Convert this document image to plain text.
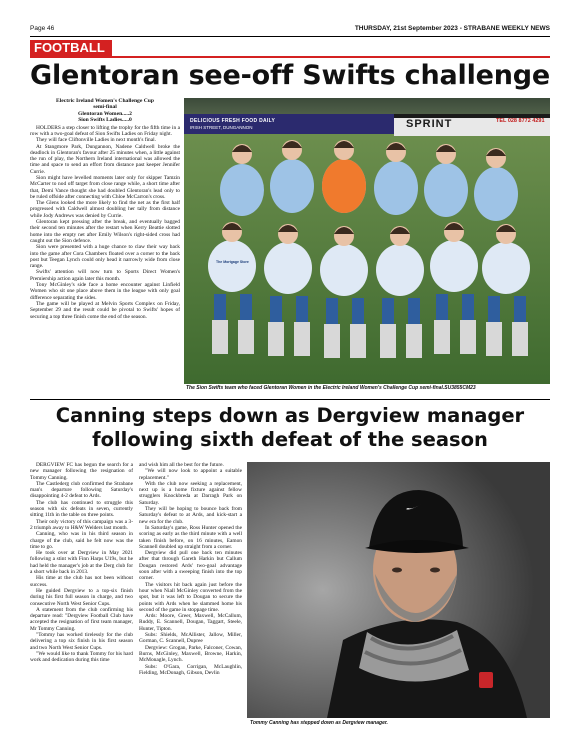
Page 46	THURSDAY, 21st September 2023 - STRABANE WEEKLY NEWS
FOOTBALL
Glentoran see-off Swifts challenge
Electric Ireland Women's Challenge Cup
semi-final
Glentoran Women.....2
Sion Swifts Ladies.....0

HOLDERS a step closer to lifting the trophy for the fifth time in a row with a two-goal defeat of Sion Swifts Ladies on Friday night.

They will face Cliftonville Ladies in next month's final.

At Stangmore Park, Dungannon, Nadene Caldwell broke the deadlock in Glentoran's favour after 25 minutes when, a little against the run of play, the Northern Ireland international was allowed the time and space to send an effort from distance past keeper Jennifer Currie.

Sion might have levelled moments later only for skipper Tamzin McCarter to nod off target from close range while, a short time after that, Demi Vance thought she had doubled Glentoran's lead only to be ruled offside after connecting with Chloe McCarron's cross.

The Glens looked the more likely to find the net as the first half progressed with Caldwell almost doubling her tally from distance while Jody Andrews was denied by Currie.

Glentoran kept pressing after the break, and eventually bagged their second ten minutes after the restart when Kerry Beattie slotted home into the empty net after Emily Wilson's right-sided cross had caught out the Sion defence.

Sion were presented with a huge chance to claw their way back into the game after Cora Chambers floated over a corner to the back post but Teegan Lynch could only head it narrowly wide from close range.

Swifts' attention will now turn to Sports Direct Women's Premiership action again later this month.

Tony McGinley's side face a home encounter against Linfield Women who sit one place above them in the league with only goal difference separating the sides.

The game will be played at Melvin Sports Complex on Friday, September 29 and the result could be pivotal to Swifts' hopes of securing a top three finish come the end of the season.

DELICIOUS FRESH FOOD DAILY
IRISH STREET, DUNGANNON	SPRINT	TEL 028 8772 4291
The Mortgage Store
The Sion Swifts team who faced Glentoran Women in the Electric Ireland Women's Challenge Cup semi-final.SU3855CM23
Canning steps down as Dergview manager
following sixth defeat of the season

DERGVIEW FC has begun the search for a new manager following the resignation of Tommy Canning.

The Castlederg club confirmed the Strabane man's departure following Saturday's disappointing 4-2 defeat to Ards.

The club has continued to struggle this season with six defeats in seven, currently sitting 11th in the table on three points.

Their only victory of this campaign was a 3-2 triumph away to H&W Welders last month.

Canning, who was in his third season in charge of the club, said he felt now was the time to go.

He took over at Dergview in May 2021 following a stint with Finn Harps U19s, but he had held the manager's job at the Derg club for a short while back in 2013.

His time at the club has not been without success.

He guided Dergview to a top-six finish during his first full season in charge, and two consecutive North West Senior Cups.

A statement from the club confirming his departure read: "Dergview Football Club have accepted the resignation of first team manager, Mr Tommy Canning.

"Tommy has worked tirelessly for the club delivering a top six finish in his first season and two North West Senior Cups.

"We would like to thank Tommy for his hard work and dedication during this time

and wish him all the best for the future.

"We will now look to appoint a suitable replacement."

With the club now seeking a replacement, next up is a home fixture against fellow strugglers Knockbreda at Darragh Park on Saturday.

They will be hoping to bounce back from Saturday's defeat to at Ards, and kick-start a new era for the club.

In Saturday's game, Ross Hunter opened the scoring as early as the third minute with a well taken finish before, on 16 minutes, Eamon Scannell doubled up straight from a corner.

Dergview did pull one back ten minutes after that through Gareth Harkin but Callum Dougan restored Ards' two-goal advantage soon after with a sweeping finish into the top corner.

The visitors hit back again just before the hour when Niall McGinley converted from the spot, but it was left to Dougan to secure the points with Ards when he slammed home his second of the game in stoppage time.

Ards: Moore, Greer, Maxwell, McCallum, Ruddy, E. Scannell, Dougan, Taggart, Steele, Hunter, Tipton.

Subs: Shields, McAllister, Jallow, Miller, Gorman, C. Scannell, Dupree

Dergview: Grogan, Parke, Falconer, Cowan, Burns, McGinley, Maxwell, Browne, Harkin, McMonagle, Lynch.

Subs: O'Gara, Corrigan, McLaughlin, Fielding, McDonagh, Gibson, Devlin

Tommy Canning has stepped down as Dergview manager.
